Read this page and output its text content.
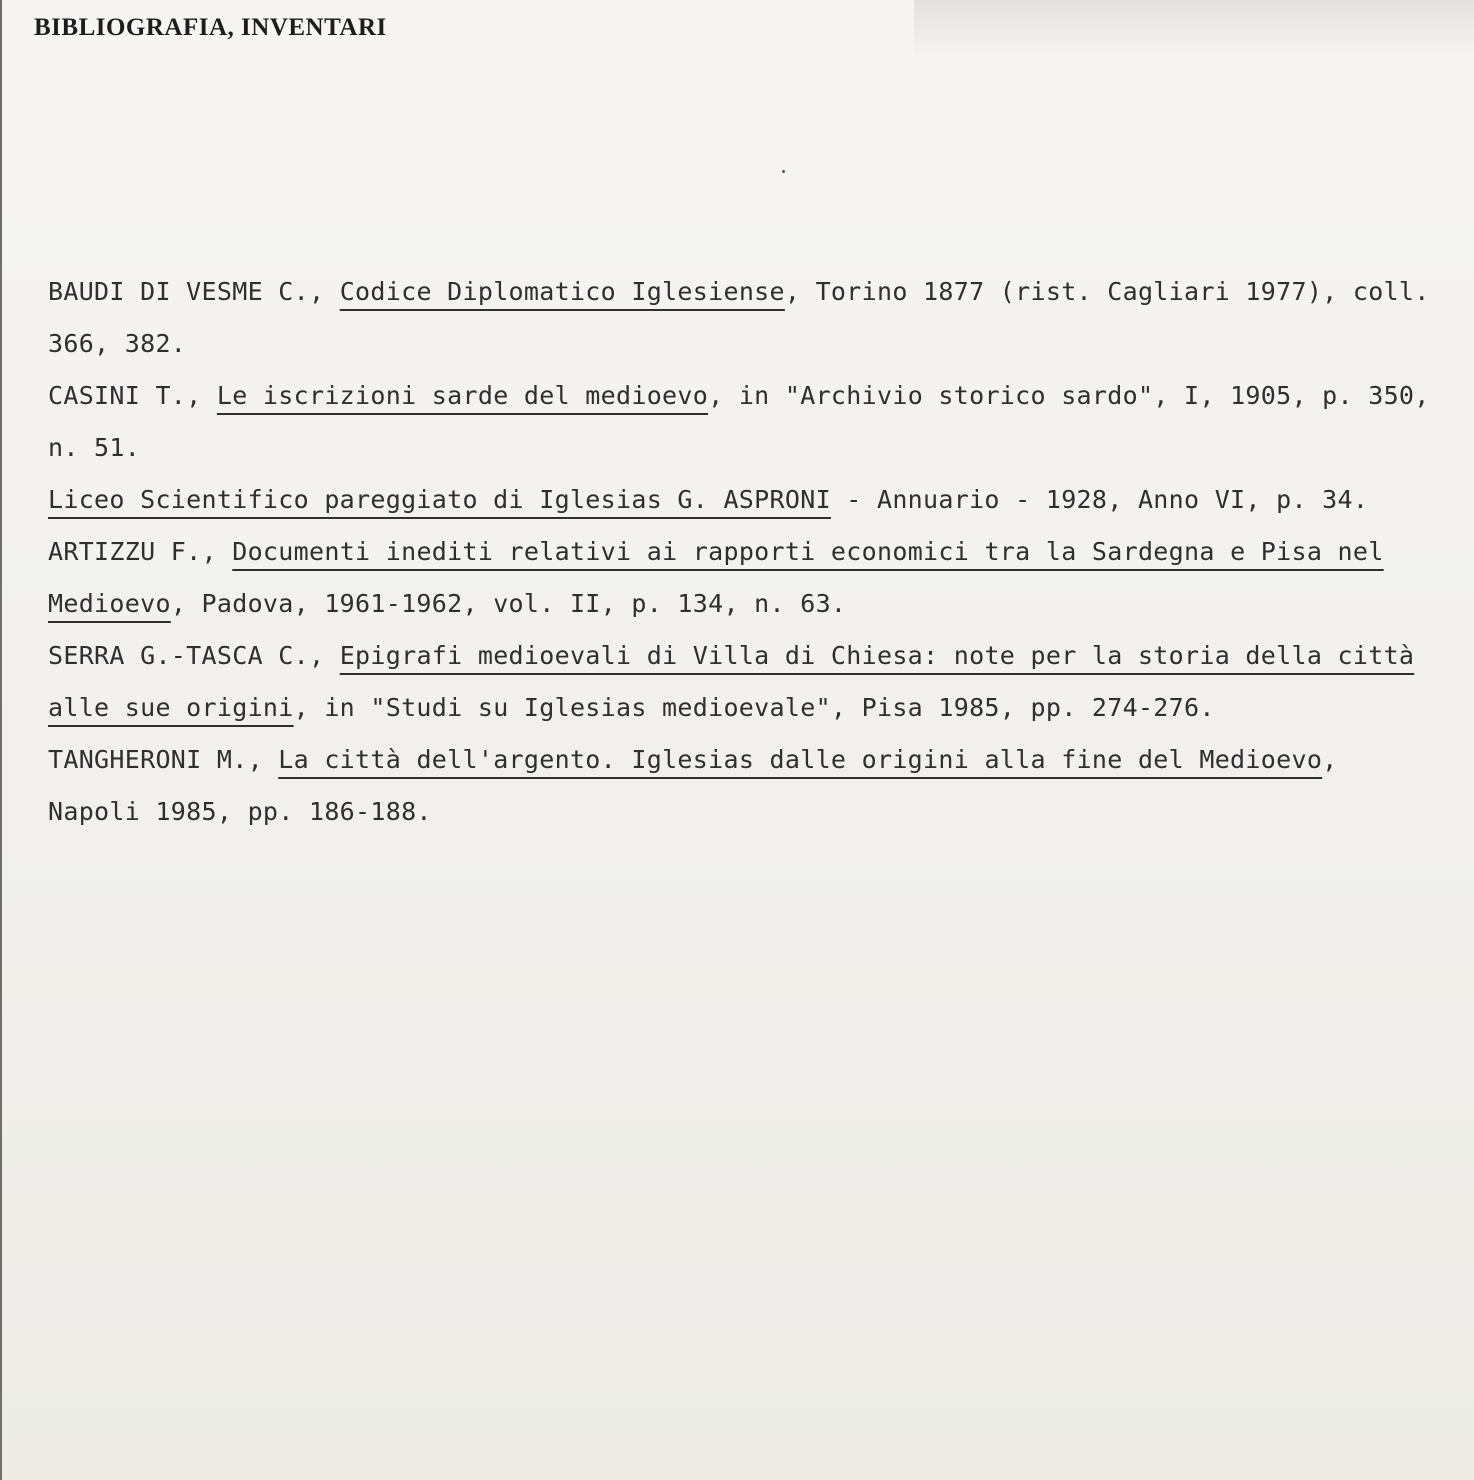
BIBLIOGRAFIA, INVENTARI
BAUDI DI VESME C., Codice Diplomatico Iglesiense, Torino 1877 (rist. Cagliari 1977), coll. 366, 382.
CASINI T., Le iscrizioni sarde del medioevo, in "Archivio storico sardo", I, 1905, p. 350, n. 51.
Liceo Scientifico pareggiato di Iglesias G. ASPRONI - Annuario - 1928, Anno VI, p. 34.
ARTIZZU F., Documenti inediti relativi ai rapporti economici tra la Sardegna e Pisa nel Medioevo, Padova, 1961-1962, vol. II, p. 134, n. 63.
SERRA G.-TASCA C., Epigrafi medioevali di Villa di Chiesa: note per la storia della città alle sue origini, in "Studi su Iglesias medioevale", Pisa 1985, pp. 274-276.
TANGHERONI M., La città dell'argento. Iglesias dalle origini alla fine del Medioevo, Napoli 1985, pp. 186-188.
